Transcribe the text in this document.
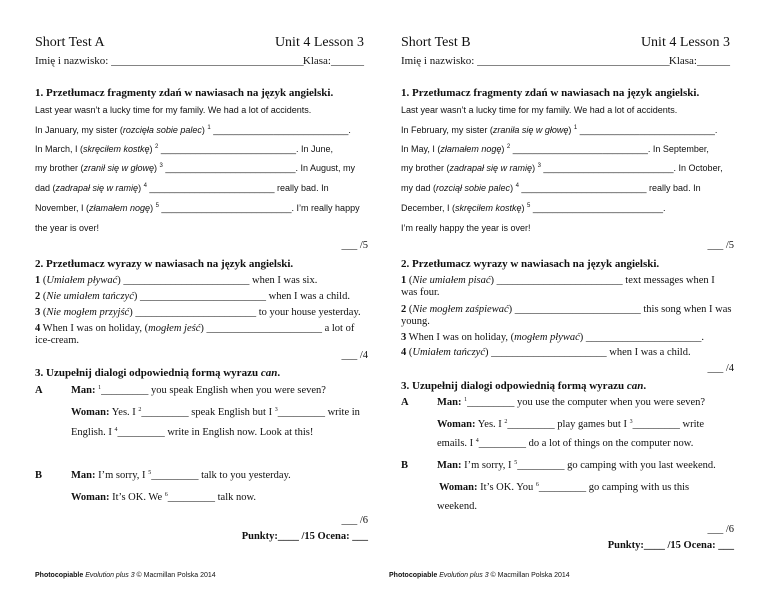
Short Test A	Unit 4 Lesson 3
Imię i nazwisko: ___________________________________ Klasa:______
1. Przetłumacz fragmenty zdań w nawiasach na język angielski.
Last year wasn’t a lucky time for my family. We had a lot of accidents.
In January, my sister (rozcięła sobie palec) $^1$ ___________________________.
In March, I (skręciłem kostkę) $^2$ ___________________________. In June,
my brother (zranił się w głowę) $^3$ __________________________. In August, my
dad (zadrapał się w ramię) $^4$ _________________________ really bad. In
November, I (złamałem nogę) $^5$ __________________________. I’m really happy
the year is over!
___ /5
2. Przetłumacz wyrazy w nawiasach na język angielski.
1 (Umiałem pływać) ________________________ when I was six.
2 (Nie umiałem tańczyć) ________________________ when I was a child.
3 (Nie mogłem przyjść) _______________________ to your house yesterday.
4 When I was on holiday, (mogłem jeść) ______________________ a lot of ice-cream.
___ /4
3. Uzupełnij dialogi odpowiednią formą wyrazu can.
A	Man: $^1$_________ you speak English when you were seven?
Woman: Yes. I $^2$_________ speak English but I $^3$_________ write in
English. I $^4$_________ write in English now. Look at this!
B	Man: I’m sorry, I $^5$_________ talk to you yesterday.
Woman: It’s OK. We $^6$_________ talk now.
___ /6
Punkty:____ /15 Ocena: ___
Photocopiable Evolution plus 3 © Macmillan Polska 2014
Short Test B	Unit 4 Lesson 3
Imię i nazwisko: ___________________________________ Klasa:______
1. Przetłumacz fragmenty zdań w nawiasach na język angielski.
Last year wasn’t a lucky time for my family. We had a lot of accidents.
In February, my sister (zraniła się w głowę) $^1$ ___________________________.
In May, I (złamałem nogę) $^2$ ___________________________. In September,
my brother (zadrapał się w ramię) $^3$ __________________________. In October,
my dad (rozciął sobie palec) $^4$ _________________________ really bad. In
December, I (skręciłem kostkę) $^5$ __________________________.
I’m really happy the year is over!
___ /5
2. Przetłumacz wyrazy w nawiasach na język angielski.
1 (Nie umiałem pisać) ________________________ text messages when I was four.
2 (Nie mogłem zaśpiewać) ________________________ this song when I was young.
3 When I was on holiday, (mogłem pływać) ______________________.
4 (Umiałem tańczyć) ______________________ when I was a child.
___ /4
3. Uzupełnij dialogi odpowiednią formą wyrazu can.
A	Man: $^1$_________ you use the computer when you were seven?
Woman: Yes. I $^2$_________ play games but I $^3$_________ write
emails. I $^4$_________ do a lot of things on the computer now.
B	Man: I’m sorry, I $^5$_________ go camping with you last weekend.
Woman: It’s OK. You $^6$_________ go camping with us this
weekend.
___ /6
Punkty:____ /15 Ocena: ___
Photocopiable Evolution plus 3 © Macmillan Polska 2014
